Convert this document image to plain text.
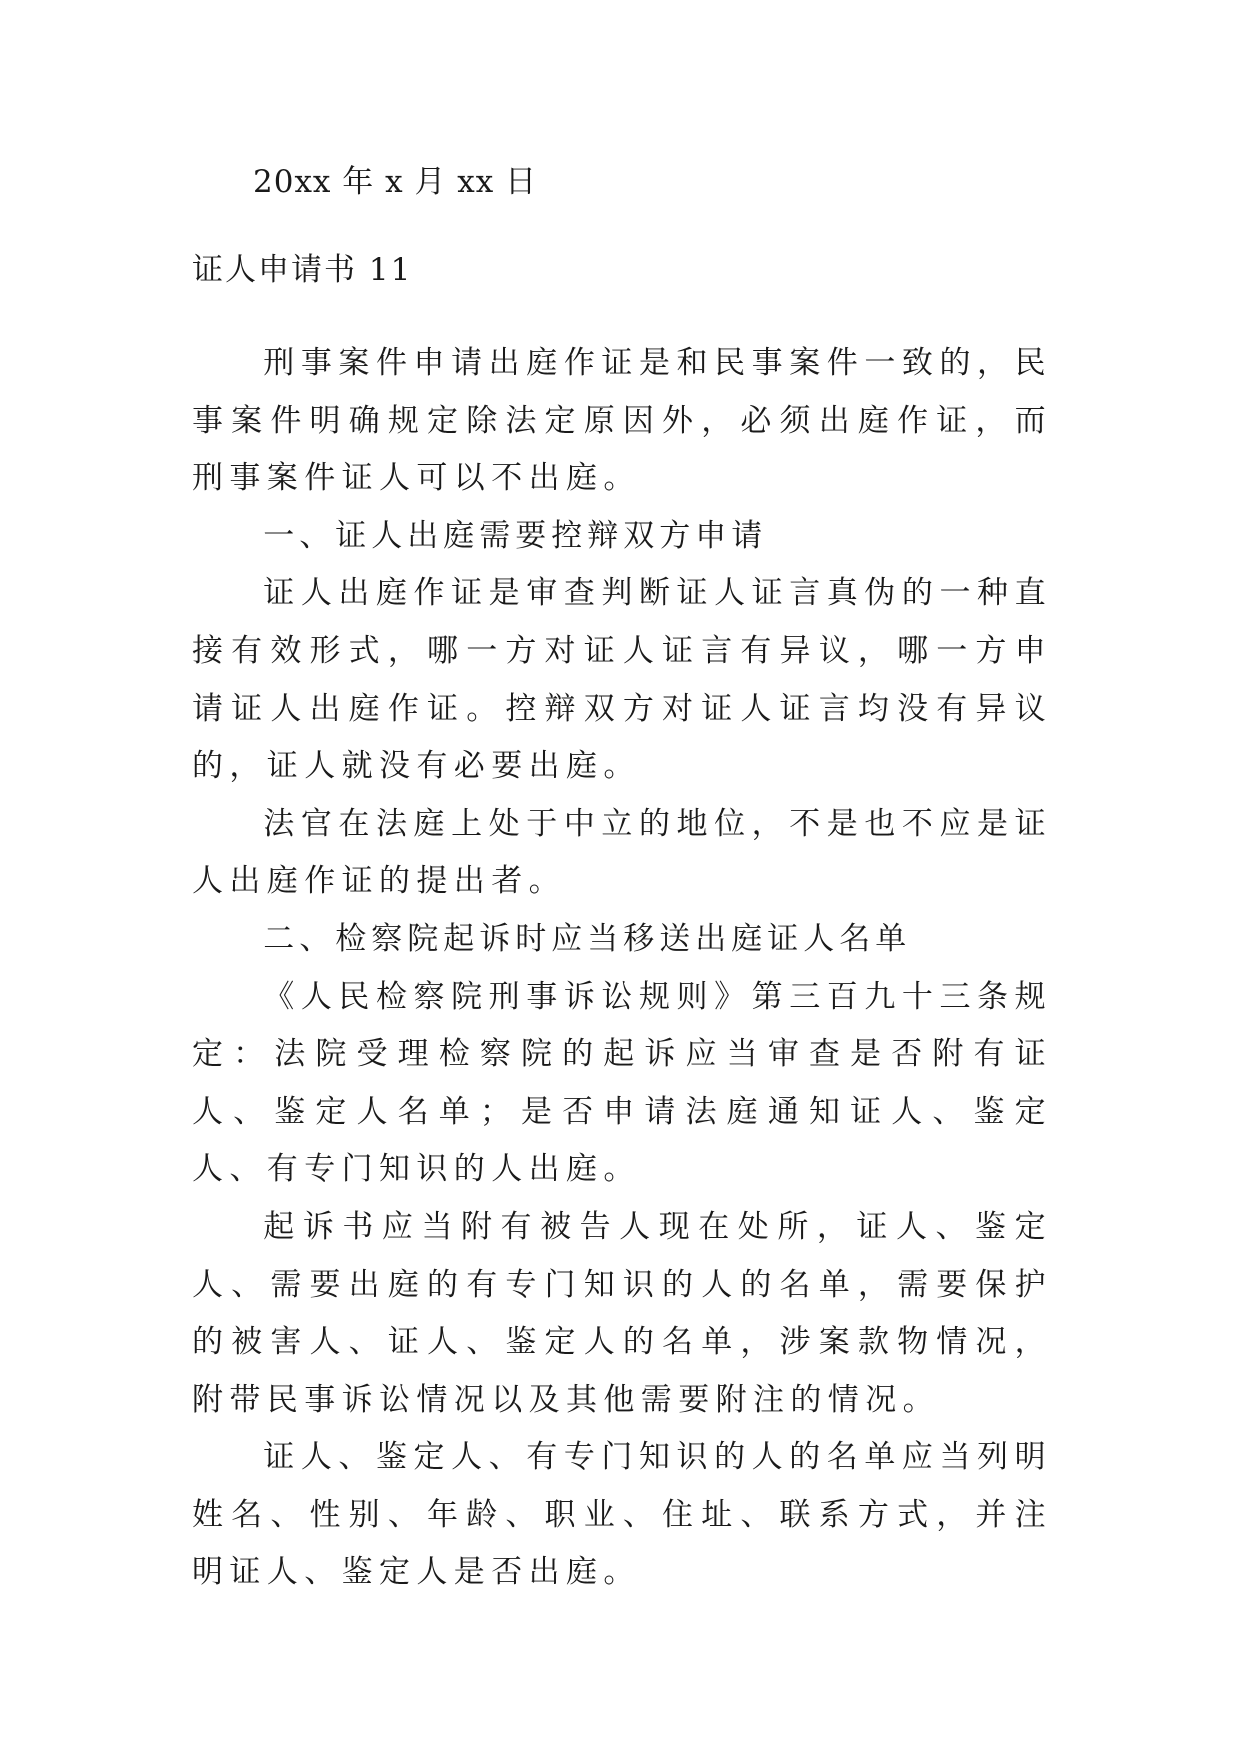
20xx 年 x 月 xx 日
证人申请书 11

刑事案件申请出庭作证是和民事案件一致的，民事案件明确规定除法定原因外，必须出庭作证，而刑事案件证人可以不出庭。

一、证人出庭需要控辩双方申请

证人出庭作证是审查判断证人证言真伪的一种直接有效形式，哪一方对证人证言有异议，哪一方申请证人出庭作证。控辩双方对证人证言均没有异议的，证人就没有必要出庭。

法官在法庭上处于中立的地位，不是也不应是证人出庭作证的提出者。

二、检察院起诉时应当移送出庭证人名单

《人民检察院刑事诉讼规则》第三百九十三条规定：法院受理检察院的起诉应当审查是否附有证人、鉴定人名单；是否申请法庭通知证人、鉴定人、有专门知识的人出庭。

起诉书应当附有被告人现在处所，证人、鉴定人、需要出庭的有专门知识的人的名单，需要保护的被害人、证人、鉴定人的名单，涉案款物情况，附带民事诉讼情况以及其他需要附注的情况。

证人、鉴定人、有专门知识的人的名单应当列明姓名、性别、年龄、职业、住址、联系方式，并注明证人、鉴定人是否出庭。
